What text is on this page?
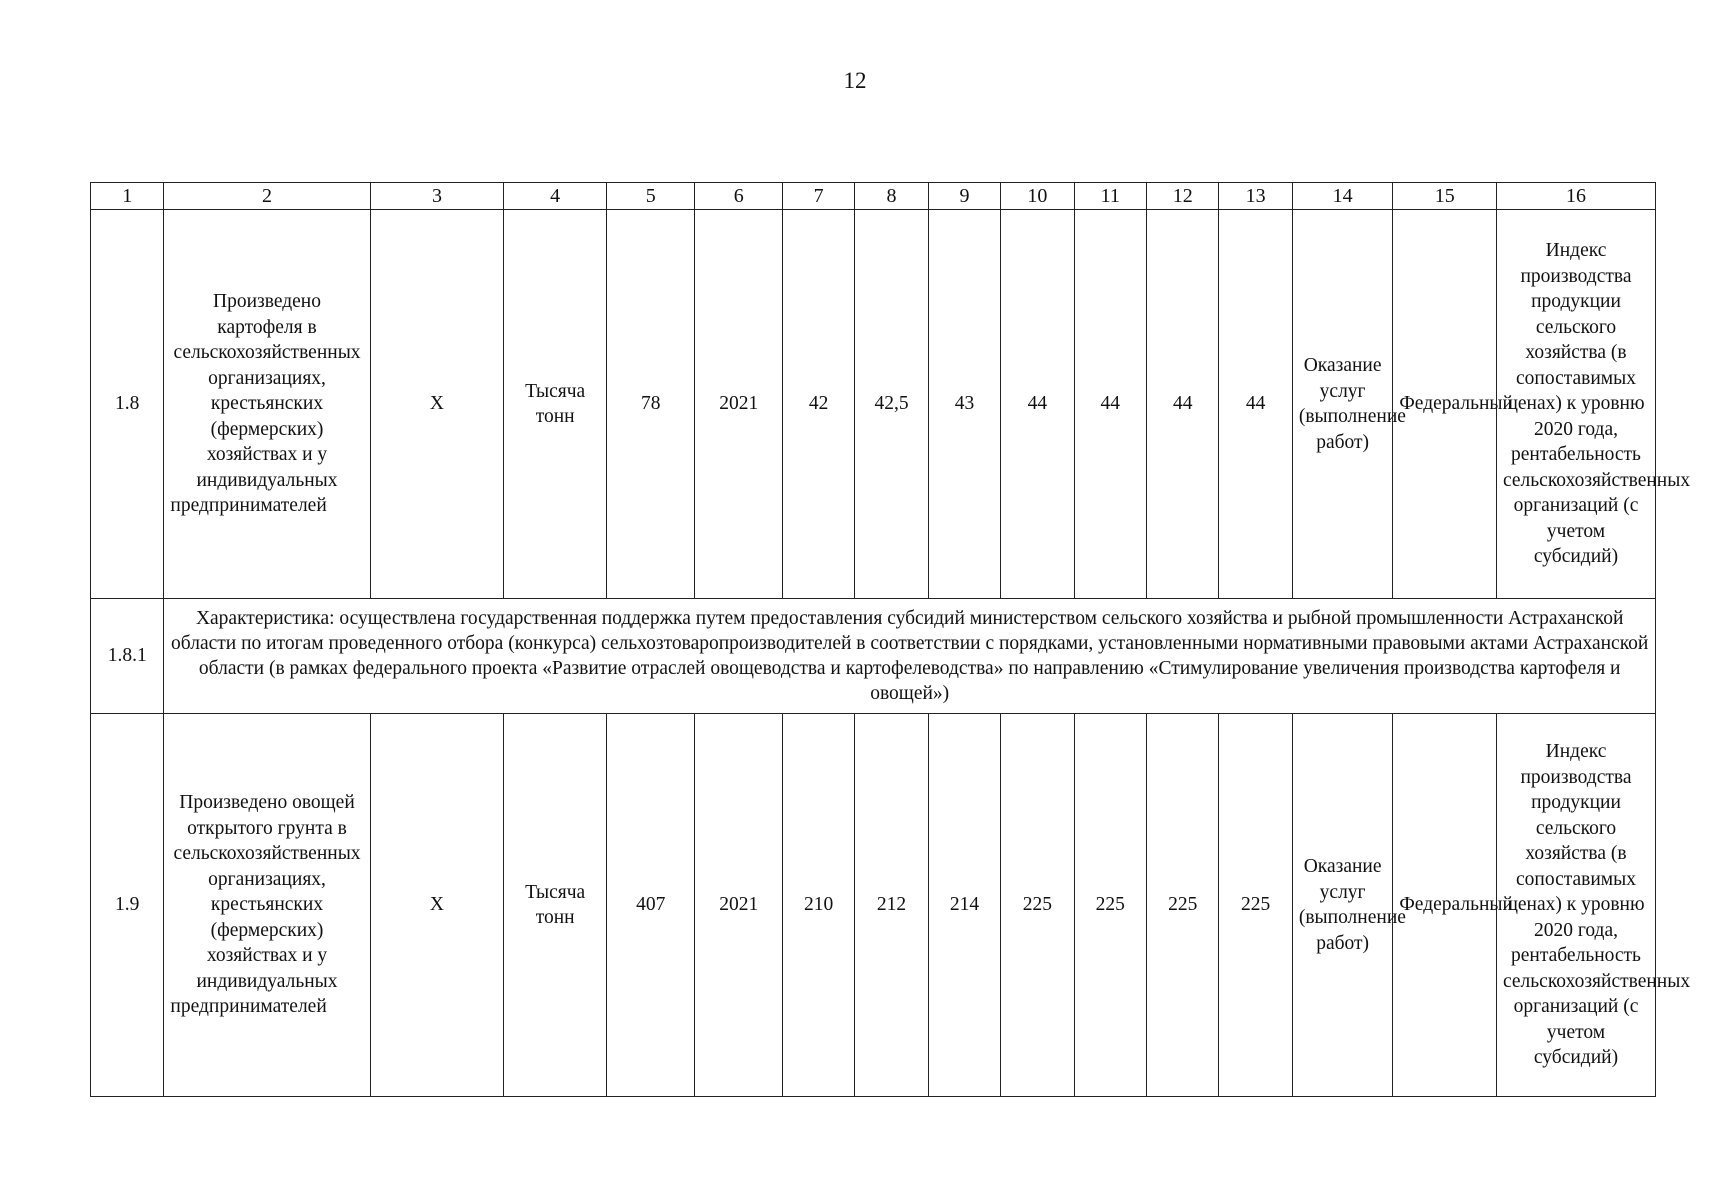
12
1	2	3	4	5	6	7	8	9	10	11	12	13	14	15	16
1.8	Произведено картофеля в сельскохозяйственных организациях, крестьянских (фермерских) хозяйствах и у индивидуальных предпринимателей	X	Тысяча тонн	78	2021	42	42,5	43	44	44	44	44	Оказание услуг (выполнение работ)	Федеральный	Индекс производства продукции сельского хозяйства (в сопоставимых ценах) к уровню 2020 года, рентабельность сельскохозяйственных организаций (с учетом субсидий)
1.8.1	Характеристика: осуществлена государственная поддержка путем предоставления субсидий министерством сельского хозяйства и рыбной промышленности Астраханской области по итогам проведенного отбора (конкурса) сельхозтоваропроизводителей в соответствии с порядками, установленными нормативными правовыми актами Астраханской области (в рамках федерального проекта «Развитие отраслей овощеводства и картофелеводства» по направлению «Стимулирование увеличения производства картофеля и овощей»)														
1.9	Произведено овощей открытого грунта в сельскохозяйственных организациях, крестьянских (фермерских) хозяйствах и у индивидуальных предпринимателей	X	Тысяча тонн	407	2021	210	212	214	225	225	225	225	Оказание услуг (выполнение работ)	Федеральный	Индекс производства продукции сельского хозяйства (в сопоставимых ценах) к уровню 2020 года, рентабельность сельскохозяйственных организаций (с учетом субсидий)
